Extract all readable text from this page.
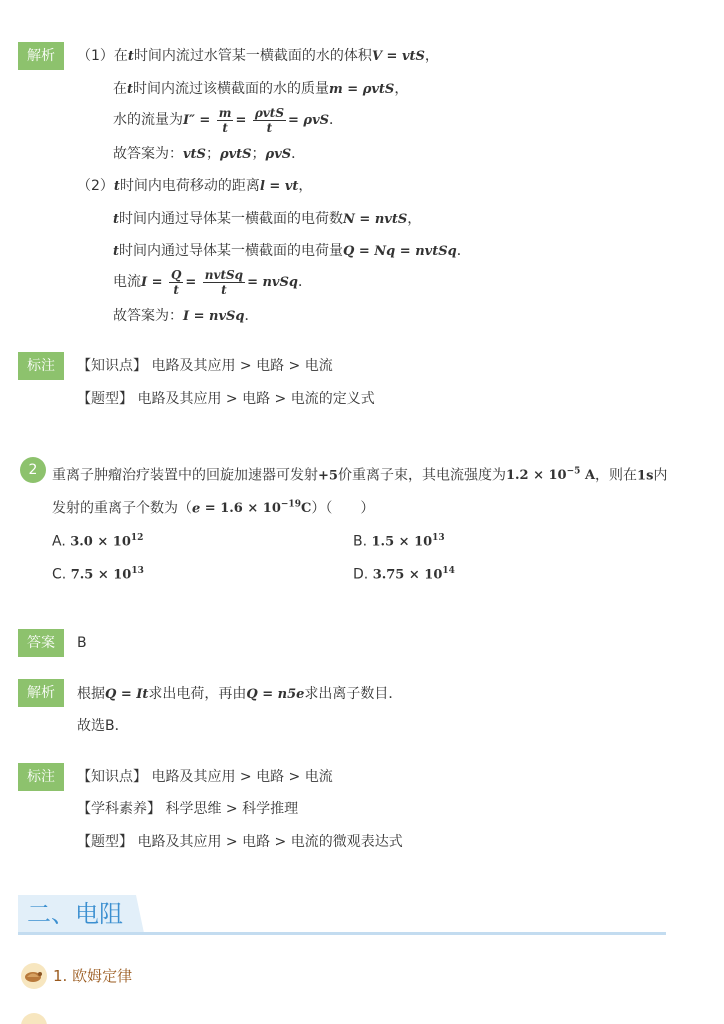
解析	（1）在t时间内流过水管某一横截面的水的体积V = vtS，
在t时间内流过该横截面的水的质量m = ρvtS，
水的流量为$I'' = \frac{m}{t} = \frac{\text{ρvtS}}{t} = \rho vS$．
故答案为：vtS；ρvtS；ρvS．
（2）t时间内电荷移动的距离l = vt，
t时间内通过导体某一横截面的电荷数N = nvtS，
t时间内通过导体某一横截面的电荷量Q = Nq = nvtSq．
电流$I = \frac{Q}{t} = \frac{\text{nvtSq}}{t}$ = nvSq．
故答案为：I = nvSq．
标注	【知识点】 电路及其应用 > 电路 > 电流
【题型】 电路及其应用 > 电路 > 电流的定义式
2	重离子肿瘤治疗装置中的回旋加速器可发射+5价重离子束，其电流强度为$1.2 \times 10^{-5}$ A，则在1s内
发射的重离子个数为$(e = 1.6 \times 10^{-19}C)$（　　）
A. $3.0 \times 10^{12}$	B. $1.5 \times 10^{13}$
C. $7.5 \times 10^{13}$	D. $3.75 \times 10^{14}$
答案	B
解析	根据Q = It求出电荷，再由Q = n5e求出离子数目．
故选B．
标注	【知识点】 电路及其应用 > 电路 > 电流
【学科素养】 科学思维 > 科学推理
【题型】 电路及其应用 > 电路 > 电流的微观表达式
二、电阻
1. 欧姆定律
